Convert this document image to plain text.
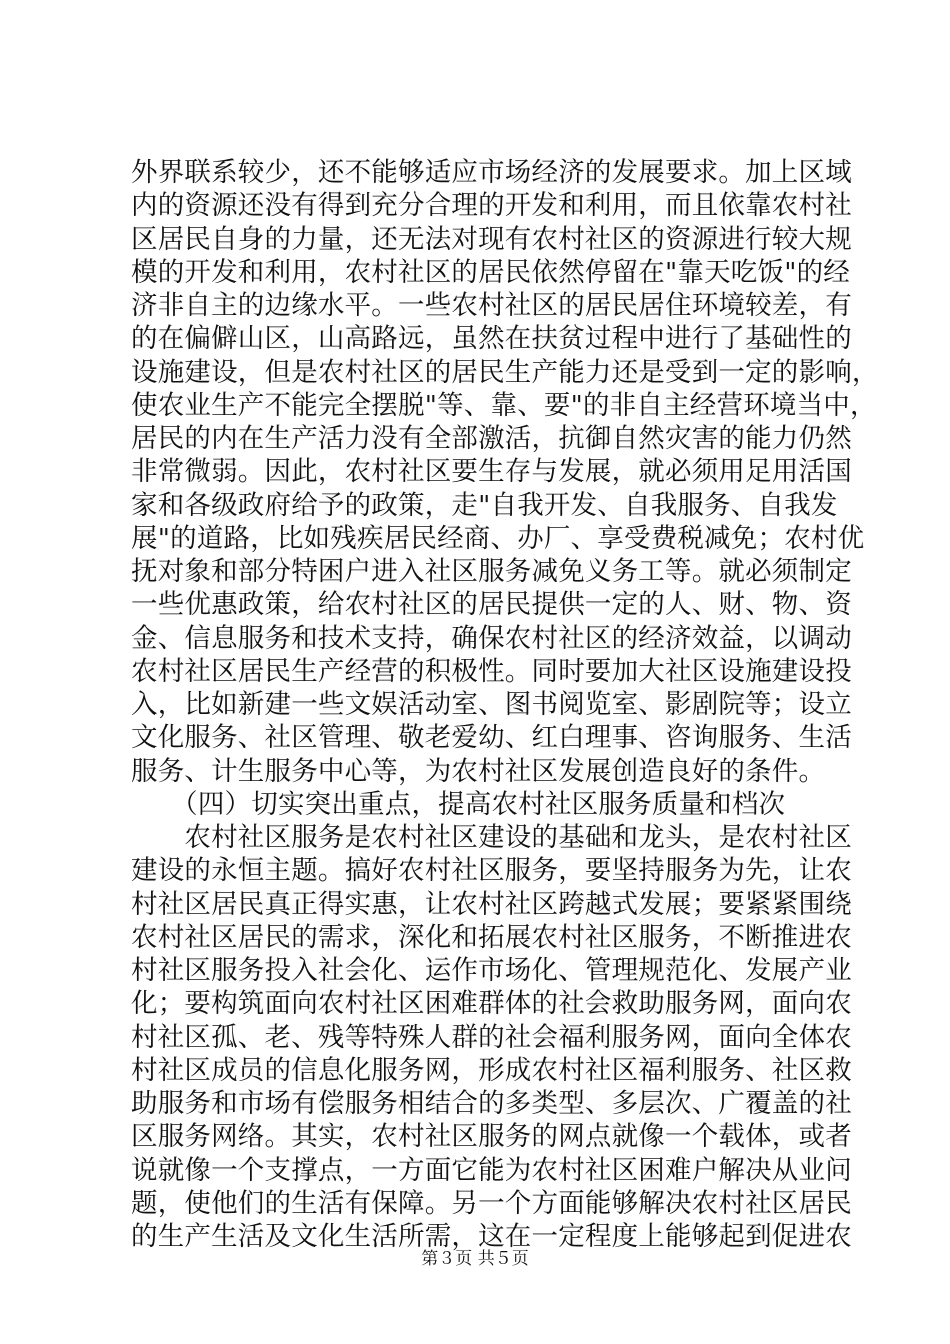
外界联系较少，还不能够适应市场经济的发展要求。加上区域
内的资源还没有得到充分合理的开发和利用，而且依靠农村社
区居民自身的力量，还无法对现有农村社区的资源进行较大规
模的开发和利用，农村社区的居民依然停留在"靠天吃饭"的经
济非自主的边缘水平。一些农村社区的居民居住环境较差，有
的在偏僻山区，山高路远，虽然在扶贫过程中进行了基础性的
设施建设，但是农村社区的居民生产能力还是受到一定的影响，
使农业生产不能完全摆脱"等、靠、要"的非自主经营环境当中，
居民的内在生产活力没有全部激活，抗御自然灾害的能力仍然
非常微弱。因此，农村社区要生存与发展，就必须用足用活国
家和各级政府给予的政策，走"自我开发、自我服务、自我发
展"的道路，比如残疾居民经商、办厂、享受费税减免；农村优
抚对象和部分特困户进入社区服务减免义务工等。就必须制定
一些优惠政策，给农村社区的居民提供一定的人、财、物、资
金、信息服务和技术支持，确保农村社区的经济效益，以调动
农村社区居民生产经营的积极性。同时要加大社区设施建设投
入，比如新建一些文娱活动室、图书阅览室、影剧院等；设立
文化服务、社区管理、敬老爱幼、红白理事、咨询服务、生活
服务、计生服务中心等，为农村社区发展创造良好的条件。
　　（四）切实突出重点，提高农村社区服务质量和档次
　　农村社区服务是农村社区建设的基础和龙头，是农村社区
建设的永恒主题。搞好农村社区服务，要坚持服务为先，让农
村社区居民真正得实惠，让农村社区跨越式发展；要紧紧围绕
农村社区居民的需求，深化和拓展农村社区服务，不断推进农
村社区服务投入社会化、运作市场化、管理规范化、发展产业
化；要构筑面向农村社区困难群体的社会救助服务网，面向农
村社区孤、老、残等特殊人群的社会福利服务网，面向全体农
村社区成员的信息化服务网，形成农村社区福利服务、社区救
助服务和市场有偿服务相结合的多类型、多层次、广覆盖的社
区服务网络。其实，农村社区服务的网点就像一个载体，或者
说就像一个支撑点，一方面它能为农村社区困难户解决从业问
题，使他们的生活有保障。另一个方面能够解决农村社区居民
的生产生活及文化生活所需，这在一定程度上能够起到促进农
第３页 共５页
